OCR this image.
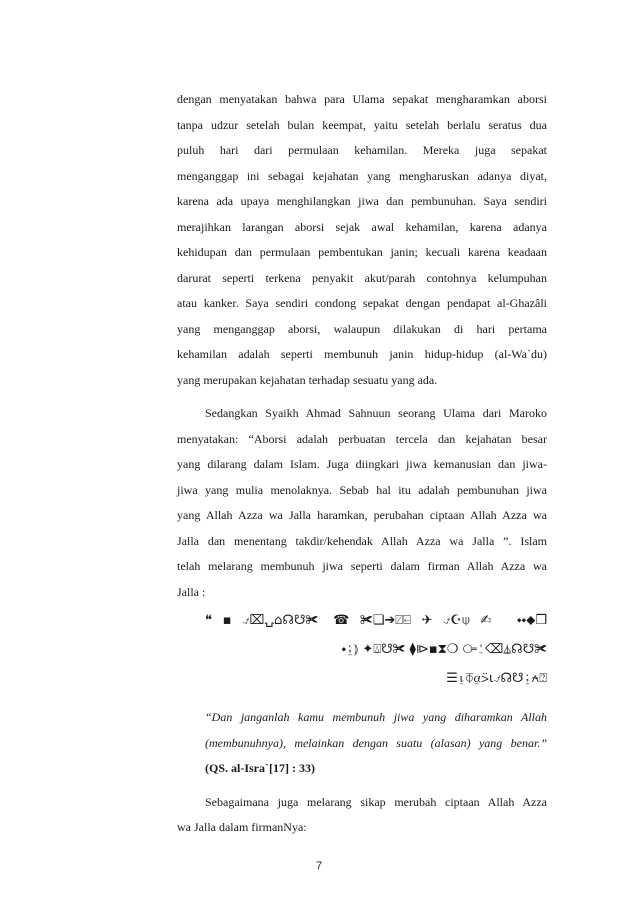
dengan menyatakan bahwa para Ulama sepakat mengharamkan aborsi
tanpa udzur setelah bulan keempat, yaitu setelah berlalu seratus dua
puluh hari dari permulaan kehamilan. Mereka juga sepakat
menganggap ini sebagai kejahatan yang mengharuskan adanya diyat,
karena ada upaya menghilangkan jiwa dan pembunuhan. Saya sendiri
merajihkan larangan aborsi sejak awal kehamilan, karena adanya
kehidupan dan permulaan pembentukan janin; kecuali karena keadaan
darurat seperti terkena penyakit akut/parah contohnya kelumpuhan
atau kanker. Saya sendiri condong sepakat dengan pendapat al-Ghazâli
yang menganggap aborsi, walaupun dilakukan di hari pertama
kehamilan adalah seperti membunuh janin hidup-hidup (al-Wa`du)
yang merupakan kejahatan terhadap sesuatu yang ada.
Sedangkan Syaikh Ahmad Sahnuun seorang Ulama dari Maroko
menyatakan: “Aborsi adalah perbuatan tercela dan kejahatan besar
yang dilarang dalam Islam. Juga diingkari jiwa kemanusian dan jiwa-
jiwa yang mulia menolaknya. Sebab hal itu adalah pembunuhan jiwa
yang Allah Azza wa Jalla haramkan, perubahan ciptaan Allah Azza wa
Jalla dan menentang takdir/kehendak Allah Azza wa Jalla ”. Islam
telah melarang membunuh jiwa seperti dalam firman Allah Azza wa
Jalla :
❝▪⍻⌧⍽⌂☊☋✀ ☎✀❑➔⍁⍇✈⍻☪⍦✍ ⬩⬩⬥❒
⬩⍮⦆ ✦⍍☋✀ ⧫⧐▪⧗❍ ⧃⍘⌫⏅☊☋✀
☰⍸⏁⍶⍩⍳⍻☊☋⍮⍲⍰
“Dan janganlah kamu membunuh jiwa yang diharamkan Allah
(membunuhnya), melainkan dengan suatu (alasan) yang benar.”
(QS. al-Isra`[17] : 33)
Sebagaimana juga melarang sikap merubah ciptaan Allah Azza
wa Jalla dalam firmanNya:
7
